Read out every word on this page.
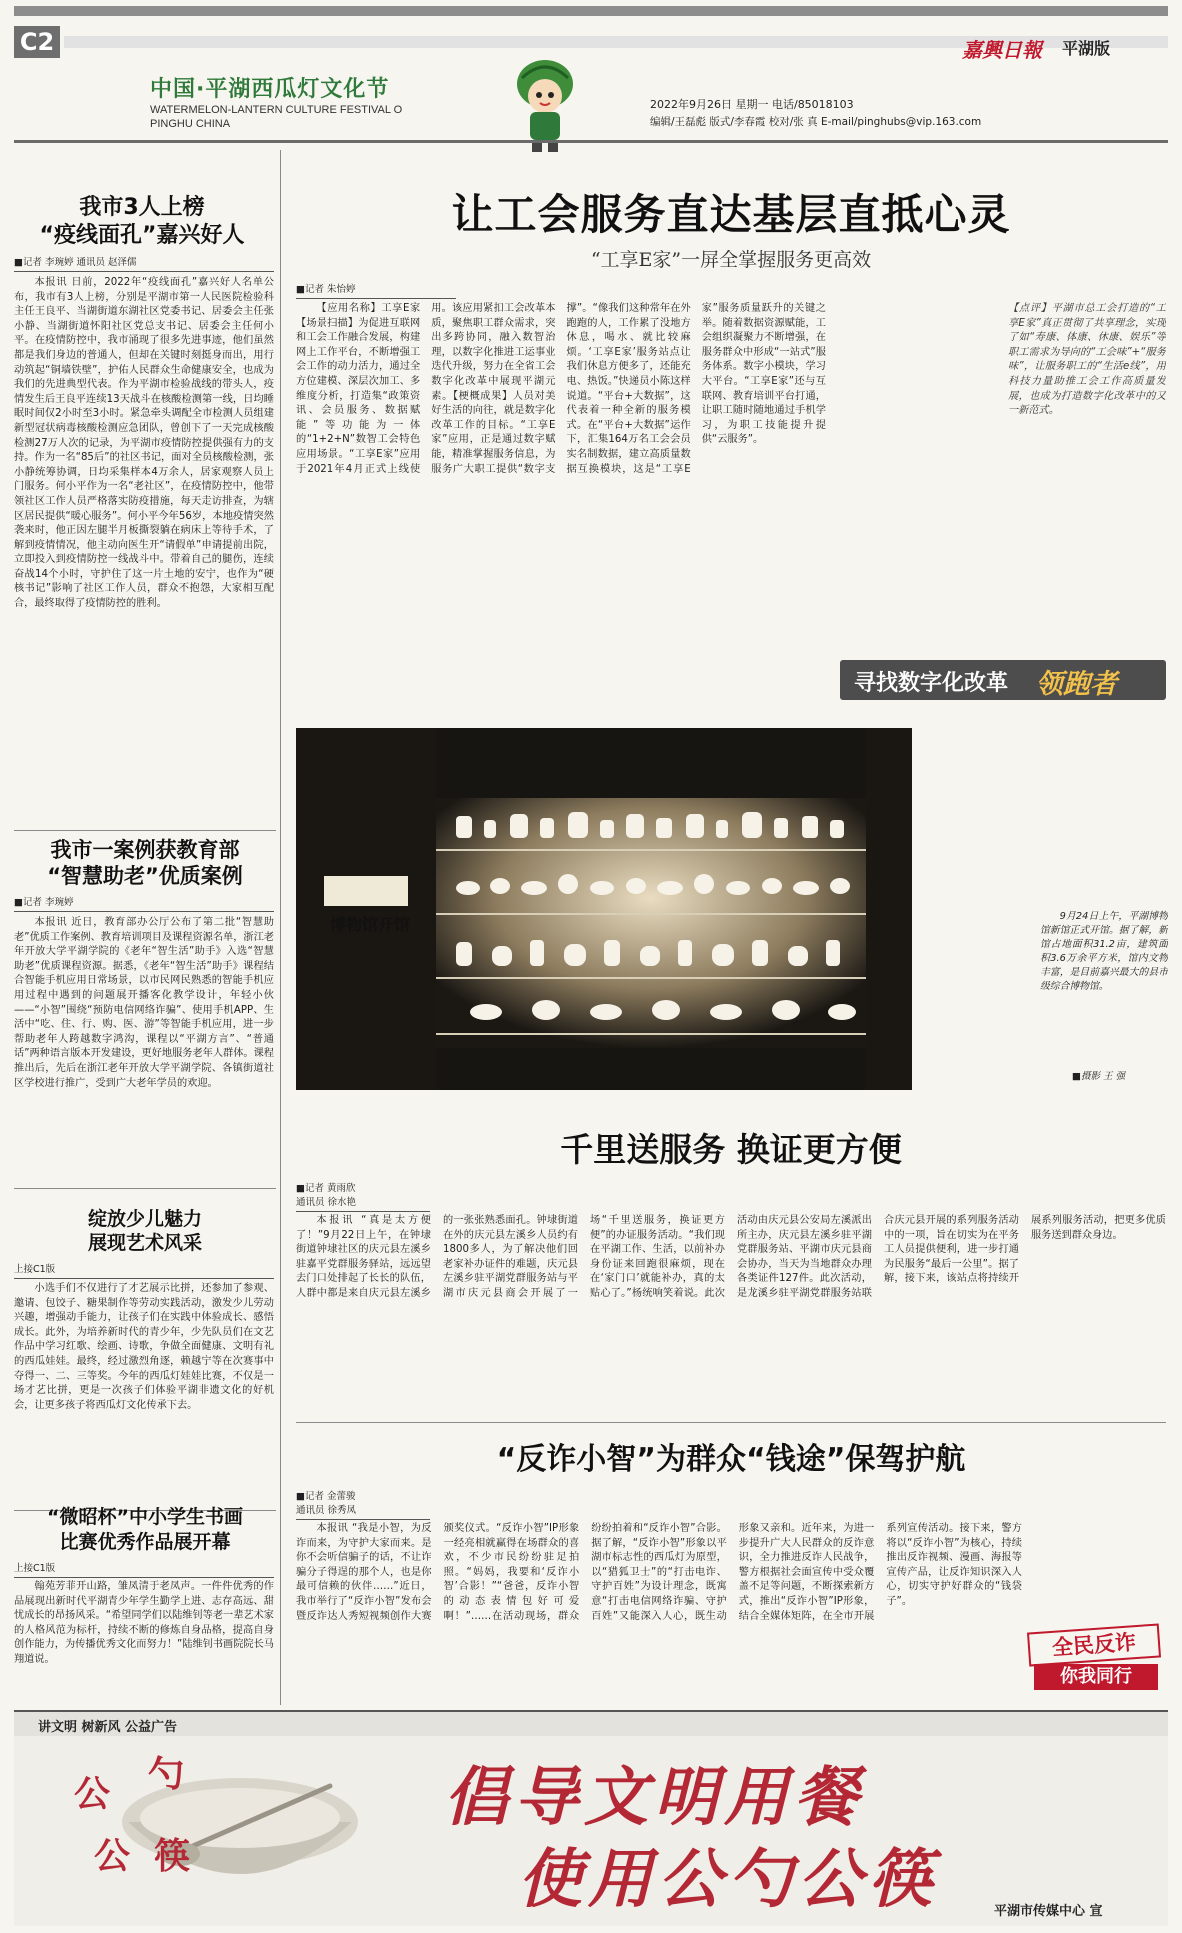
C2
中国·平湖西瓜灯文化节
WATERMELON-LANTERN CULTURE FESTIVAL O
PINGHU CHINA
嘉興日報 平湖版
2022年9月26日 星期一 电话/85018103
编辑/王磊彪 版式/李春霞 校对/张 真 E-mail/pinghubs@vip.163.com
我市3人上榜
“疫线面孔”嘉兴好人
■记者 李琬婷 通讯员 赵泽儒

本报讯 日前，2022年“疫线面孔”嘉兴好人名单公布，我市有3人上榜，分别是平湖市第一人民医院检验科主任王良平、当湖街道东湖社区党委书记、居委会主任张小静、当湖街道怀阳社区党总支书记、居委会主任何小平。在疫情防控中，我市涌现了很多先进事迹，他们虽然都是我们身边的普通人，但却在关键时刻挺身而出，用行动筑起“铜墙铁壁”，护佑人民群众生命健康安全，也成为我们的先进典型代表。作为平湖市检验战线的带头人，疫情发生后王良平连续13天战斗在核酸检测第一线，日均睡眠时间仅2小时至3小时。紧急牵头调配全市检测人员组建新型冠状病毒核酸检测应急团队，曾创下了一天完成核酸检测27万人次的记录，为平湖市疫情防控提供强有力的支持。作为一名“85后”的社区书记，面对全员核酸检测，张小静统筹协调，日均采集样本4万余人，居家观察人员上门服务。何小平作为一名“老社区”，在疫情防控中，他带领社区工作人员严格落实防疫措施，每天走访排查，为辖区居民提供“暖心服务”。何小平今年56岁，本地疫情突然袭来时，他正因左腿半月板撕裂躺在病床上等待手术，了解到疫情情况，他主动向医生开“请假单”申请提前出院，立即投入到疫情防控一线战斗中。带着自己的腿伤，连续奋战14个小时，守护住了这一片土地的安宁，也作为“硬核书记”影响了社区工作人员，群众不抱怨，大家相互配合，最终取得了疫情防控的胜利。

我市一案例获教育部
“智慧助老”优质案例
■记者 李琬婷

本报讯 近日，教育部办公厅公布了第二批“智慧助老”优质工作案例、教育培训项目及课程资源名单，浙江老年开放大学平湖学院的《老年“智生活”助手》入选“智慧助老”优质课程资源。据悉，《老年“智生活”助手》课程结合智能手机应用日常场景，以市民网民熟悉的智能手机应用过程中遇到的问题展开播客化教学设计，年轻小伙——“小智”围绕“预防电信网络诈骗”、使用手机APP、生活中“吃、住、行、购、医、游”等智能手机应用，进一步帮助老年人跨越数字鸿沟，课程以“平湖方言”、“普通话”两种语言版本开发建设，更好地服务老年人群体。课程推出后，先后在浙江老年开放大学平湖学院、各镇街道社区学校进行推广，受到广大老年学员的欢迎。

绽放少儿魅力
展现艺术风采
上接C1版

小选手们不仅进行了才艺展示比拼，还参加了参观、邀请、包饺子、糖果制作等劳动实践活动，激发少儿劳动兴趣，增强动手能力，让孩子们在实践中体验成长、感悟成长。此外，为培养新时代的青少年，少先队员们在文艺作品中学习红歌、绘画、诗歌，争做全面健康、文明有礼的西瓜娃娃。最终，经过激烈角逐，赖越宁等在次赛事中夺得一、二、三等奖。今年的西瓜灯娃娃比赛，不仅是一场才艺比拼，更是一次孩子们体验平湖非遗文化的好机会，让更多孩子将西瓜灯文化传承下去。

“微昭杯”中小学生书画
比赛优秀作品展开幕
上接C1版

翰苑芳菲开山路，雏凤清于老凤声。一件件优秀的作品展现出新时代平湖青少年学生勤学上进、志存高远、甜忧成长的昂扬风采。“希望同学们以陆维钊等老一辈艺术家的人格风范为标杆，持续不断的修炼自身品格，提高自身创作能力，为传播优秀文化而努力！”陆维钊书画院院长马翔道说。

让工会服务直达基层直抵心灵
“工享E家”一屏全掌握服务更高效
■记者 朱怡婷

【应用名称】工享E家【场景扫描】为促进互联网和工会工作融合发展，构建网上工作平台，不断增强工会工作的动力活力，通过全方位建模、深层次加工、多维度分析，打造集“政策资讯、会员服务、数据赋能”等功能为一体的“1+2+N”数智工会特色应用场景。“工享E家”应用于2021年4月正式上线使用。该应用紧扣工会改革本质，聚焦职工群众需求，突出多跨协同，融入数智治理，以数字化推进工运事业迭代升级，努力在全省工会数字化改革中展现平湖元素。【梗概成果】人员对美好生活的向往，就是数字化改革工作的目标。“工享E家”应用，正是通过数字赋能，精准掌握服务信息，为服务广大职工提供“数字支撑”。“像我们这种常年在外跑跑的人，工作累了没地方休息，喝水、就比较麻烦。‘工享E家’服务站点让我们休息方便多了，还能充电、热饭。”快递员小陈这样说道。“平台+大数据”，这代表着一种全新的服务模式。在“平台+大数据”运作下，汇集164万名工会会员实名制数据，建立高质量数据互换模块，这是“工享E家”服务质量跃升的关键之举。随着数据资源赋能，工会组织凝聚力不断增强，在服务群众中形成“一站式”服务体系。数字小模块，学习大平台。“工享E家”还与互联网、教育培训平台打通，让职工随时随地通过手机学习，为职工技能提升提供“云服务”。

【点评】平湖市总工会打造的“工享E家”真正贯彻了共享理念，实现了如“寿康、体康、休康、娱乐”等职工需求为导向的“工会味”+“服务味”，让服务职工的“生活e线”，用科技力量助推工会工作高质量发展，也成为打造数字化改革中的又一新范式。

寻找数字化改革 领跑者
博物馆开馆	9月24日上午，平湖博物馆新馆正式开馆。据了解，新馆占地面积31.2亩，建筑面积3.6万余平方米，馆内文物丰富，是目前嘉兴最大的县市级综合博物馆。

■摄影 王 强
千里送服务 换证更方便
■记者 黄雨欣
通讯员 徐水艳

本报讯 “真是太方便了！”9月22日上午，在钟埭街道钟埭社区的庆元县左溪乡驻嘉平党群服务驿站，远远望去门口处排起了长长的队伍，人群中都是来自庆元县左溪乡的一张张熟悉面孔。钟埭街道在外的庆元县左溪乡人员约有1800多人，为了解决他们回老家补办证件的难题，庆元县左溪乡驻平湖党群服务站与平湖市庆元县商会开展了一场“千里送服务，换证更方便”的办证服务活动。“我们现在平湖工作、生活，以前补办身份证来回跑很麻烦，现在在‘家门口’就能补办，真的太贴心了。”杨统响笑着说。此次活动由庆元县公安局左溪派出所主办，庆元县左溪乡驻平湖党群服务站、平湖市庆元县商会协办，当天为当地群众办理各类证件127件。此次活动，是龙溪乡驻平湖党群服务站联合庆元县开展的系列服务活动中的一项，旨在切实为在平务工人员提供便利，进一步打通为民服务“最后一公里”。据了解，接下来，该站点将持续开展系列服务活动，把更多优质服务送到群众身边。

“反诈小智”为群众“钱途”保驾护航
■记者 金蕾骏
通讯员 徐秀凤

本报讯 “我是小智，为反诈而来，为守护大家而来。是你不会听信骗子的话，不让诈骗分子得逞的那个人，也是你最可信赖的伙伴……”近日，我市举行了“反诈小智”发布会暨反诈达人秀短视频创作大赛颁奖仪式。“反诈小智”IP形象一经亮相就赢得在场群众的喜欢，不少市民纷纷驻足拍照。“妈妈，我要和‘反诈小智’合影！”“爸爸，反诈小智的动态表情包好可爱啊！”……在活动现场，群众纷纷拍着和“反诈小智”合影。据了解，“反诈小智”形象以平湖市标志性的西瓜灯为原型，以“猎狐卫士”的“打击电诈、守护百姓”为设计理念，既寓意“打击电信网络诈骗、守护百姓”又能深入人心，既生动形象又亲和。近年来，为进一步提升广大人民群众的反诈意识，全力推进反诈人民战争，警方根据社会面宣传中受众覆盖不足等问题，不断探索新方式，推出“反诈小智”IP形象，结合全媒体矩阵，在全市开展系列宣传活动。接下来，警方将以“反诈小智”为核心，持续推出反诈视频、漫画、海报等宣传产品，让反诈知识深入人心，切实守护好群众的“钱袋子”。

全民反诈
你我同行
讲文明 树新风 公益广告
公 勺
公 筷
倡导文明用餐
使用公勺公筷	平湖市传媒中心 宣
